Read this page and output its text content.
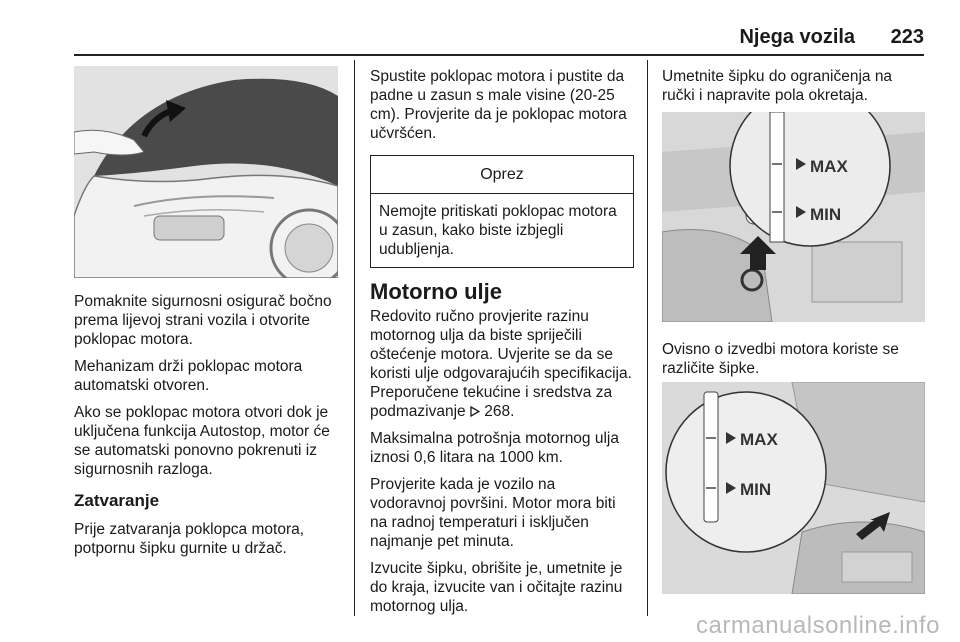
Njega vozila 223

Pomaknite sigurnosni osigurač bočno prema lijevoj strani vozila i otvorite poklopac motora.

Mehanizam drži poklopac motora automatski otvoren.

Ako se poklopac motora otvori dok je uključena funkcija Autostop, motor će se automatski ponovno pokrenuti iz sigurnosnih razloga.

Zatvaranje

Prije zatvaranja poklopca motora, potpornu šipku gurnite u držač.

Spustite poklopac motora i pustite da padne u zasun s male visine (20-25 cm). Provjerite da je poklopac motora učvršćen.

Oprez
Nemojte pritiskati poklopac motora u zasun, kako biste izbjegli udubljenja.
Motorno ulje

Redovito ručno provjerite razinu motornog ulja da biste spriječili oštećenje motora. Uvjerite se da se koristi ulje odgovarajućih specifikacija. Preporučene tekućine i sredstva za podmazivanje 268.

Maksimalna potrošnja motornog ulja iznosi 0,6 litara na 1000 km.

Provjerite kada je vozilo na vodoravnoj površini. Motor mora biti na radnoj temperaturi i isključen najmanje pet minuta.

Izvucite šipku, obrišite je, umetnite je do kraja, izvucite van i očitajte razinu motornog ulja.

Umetnite šipku do ograničenja na ručki i napravite pola okretaja.

MAX
MIN

Ovisno o izvedbi motora koriste se različite šipke.

MAX
MIN
carmanualsonline.info
